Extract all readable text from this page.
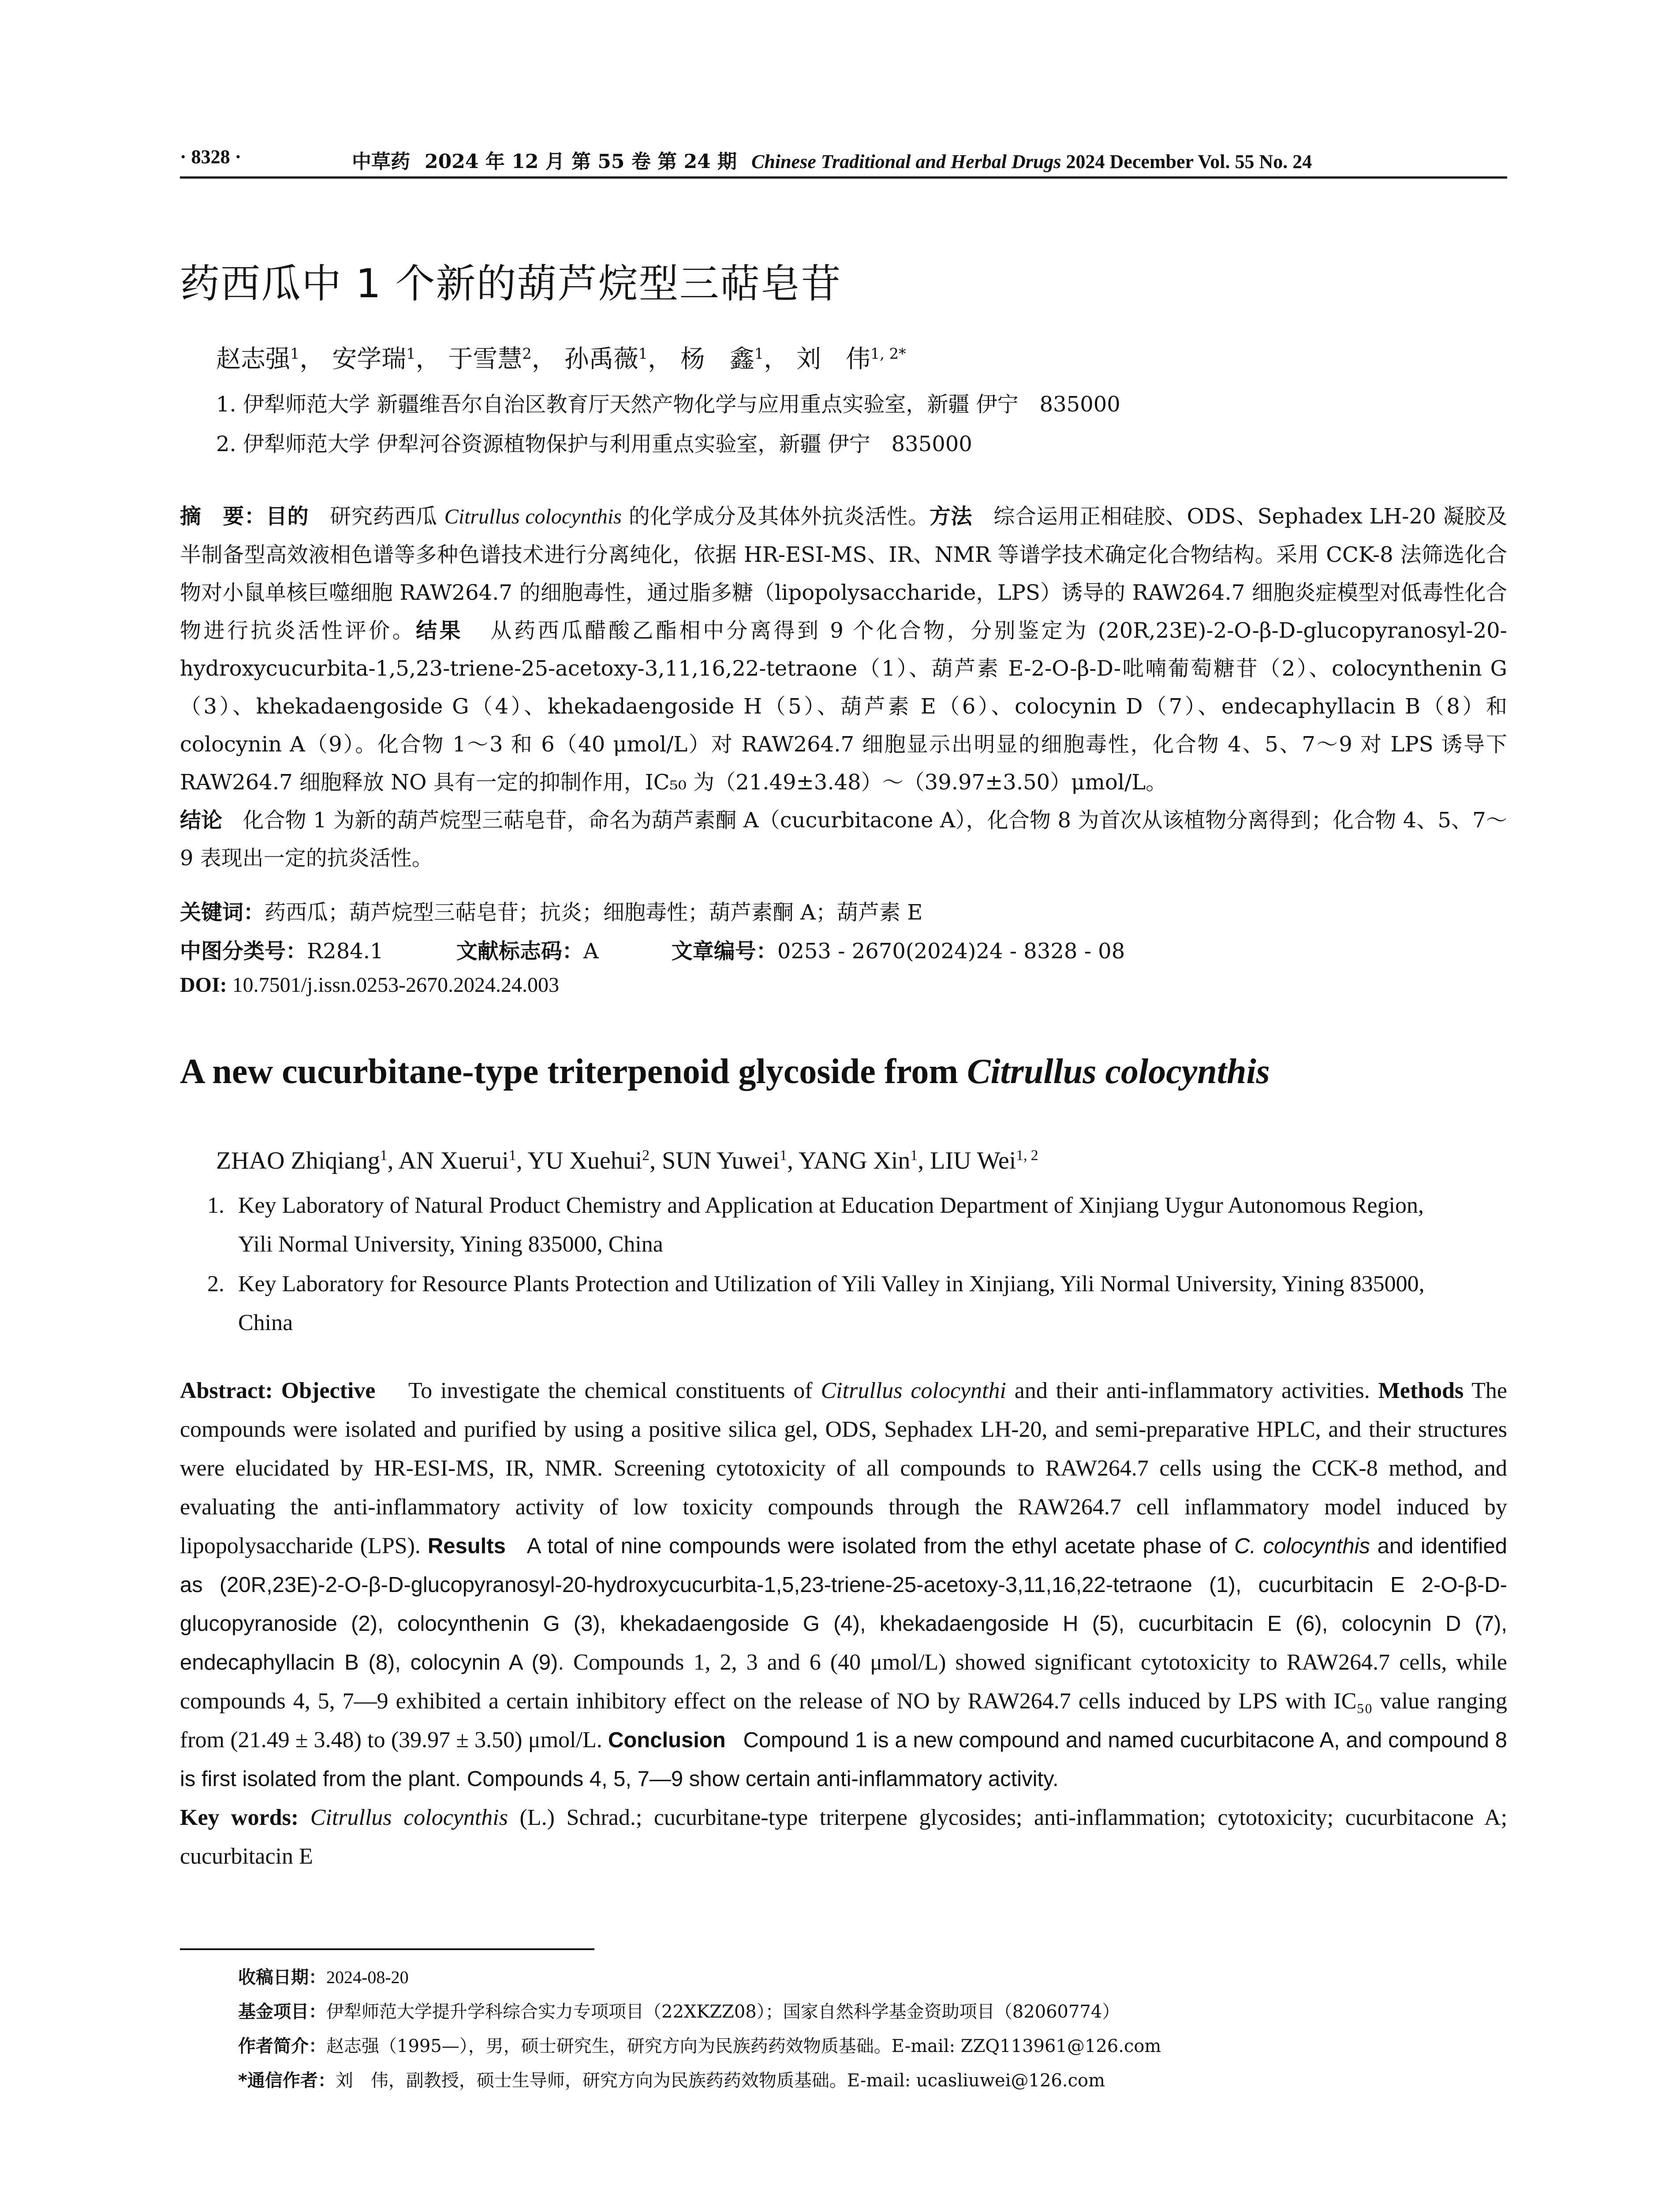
· 8328 ·	中草药 2024 年 12 月 第 55 卷 第 24 期 Chinese Traditional and Herbal Drugs 2024 December Vol. 55 No. 24
药西瓜中 1 个新的葫芦烷型三萜皂苷
赵志强$^1$， 安学瑞$^1$， 于雪慧$^2$， 孙禹薇$^1$， 杨　鑫$^1$， 刘　伟$^{1, 2*}$
1. 伊犁师范大学 新疆维吾尔自治区教育厅天然产物化学与应用重点实验室，新疆 伊宁　835000
2. 伊犁师范大学 伊犁河谷资源植物保护与利用重点实验室，新疆 伊宁　835000
摘　要：目的 研究药西瓜 Citrullus colocynthis 的化学成分及其体外抗炎活性。方法 综合运用正相硅胶、ODS、Sephadex LH-20 凝胶及半制备型高效液相色谱等多种色谱技术进行分离纯化，依据 HR-ESI-MS、IR、NMR 等谱学技术确定化合物结构。采用 CCK-8 法筛选化合物对小鼠单核巨噬细胞 RAW264.7 的细胞毒性，通过脂多糖（lipopolysaccharide，LPS）诱导的 RAW264.7 细胞炎症模型对低毒性化合物进行抗炎活性评价。结果 从药西瓜醋酸乙酯相中分离得到 9 个化合物，分别鉴定为 (20R,23E)-2-O-β-D-glucopyranosyl-20-hydroxycucurbita-1,5,23-triene-25-acetoxy-3,11,16,22-tetraone（1）、葫芦素 E-2-O-β-D-吡喃葡萄糖苷（2）、colocynthenin G（3）、khekadaengoside G（4）、khekadaengoside H（5）、葫芦素 E（6）、colocynin D（7）、endecaphyllacin B（8）和 colocynin A（9）。化合物 1～3 和 6（40 μmol/L）对 RAW264.7 细胞显示出明显的细胞毒性，化合物 4、5、7～9 对 LPS 诱导下 RAW264.7 细胞释放 NO 具有一定的抑制作用，IC₅₀ 为（21.49±3.48）～（39.97±3.50）μmol/L。
结论 化合物 1 为新的葫芦烷型三萜皂苷，命名为葫芦素酮 A（cucurbitacone A），化合物 8 为首次从该植物分离得到；化合物 4、5、7～9 表现出一定的抗炎活性。
关键词：药西瓜；葫芦烷型三萜皂苷；抗炎；细胞毒性；葫芦素酮 A；葫芦素 E
中图分类号：R284.1	文献标志码：A	文章编号：0253 - 2670(2024)24 - 8328 - 08
DOI: 10.7501/j.issn.0253-2670.2024.24.003
A new cucurbitane-type triterpenoid glycoside from Citrullus colocynthis
ZHAO Zhiqiang$^1$, AN Xuerui$^1$, YU Xuehui$^2$, SUN Yuwei$^1$, YANG Xin$^1$, LIU Wei$^{1, 2}$
1. Key Laboratory of Natural Product Chemistry and Application at Education Department of Xinjiang Uygur Autonomous Region,
Yili Normal University, Yining 835000, China
2. Key Laboratory for Resource Plants Protection and Utilization of Yili Valley in Xinjiang, Yili Normal University, Yining 835000,
China
Abstract: Objective To investigate the chemical constituents of Citrullus colocynthi and their anti-inflammatory activities. Methods The compounds were isolated and purified by using a positive silica gel, ODS, Sephadex LH-20, and semi-preparative HPLC, and their structures were elucidated by HR-ESI-MS, IR, NMR. Screening cytotoxicity of all compounds to RAW264.7 cells using the CCK-8 method, and evaluating the anti-inflammatory activity of low toxicity compounds through the RAW264.7 cell inflammatory model induced by lipopolysaccharide (LPS). Results A total of nine compounds were isolated from the ethyl acetate phase of C. colocynthis and identified as (20R,23E)-2-O-β-D-glucopyranosyl-20-hydroxycucurbita-1,5,23-triene-25-acetoxy-3,11,16,22-tetraone (1), cucurbitacin E 2-O-β-D-glucopyranoside (2), colocynthenin G (3), khekadaengoside G (4), khekadaengoside H (5), cucurbitacin E (6), colocynin D (7), endecaphyllacin B (8), colocynin A (9). Compounds 1, 2, 3 and 6 (40 μmol/L) showed significant cytotoxicity to RAW264.7 cells, while compounds 4, 5, 7—9 exhibited a certain inhibitory effect on the release of NO by RAW264.7 cells induced by LPS with IC₅₀ value ranging from (21.49 ± 3.48) to (39.97 ± 3.50) μmol/L. Conclusion Compound 1 is a new compound and named cucurbitacone A, and compound 8 is first isolated from the plant. Compounds 4, 5, 7—9 show certain anti-inflammatory activity.
Key words: Citrullus colocynthis (L.) Schrad.; cucurbitane-type triterpene glycosides; anti-inflammation; cytotoxicity; cucurbitacone A; cucurbitacin E
收稿日期：2024-08-20
基金项目：伊犁师范大学提升学科综合实力专项项目（22XKZZ08）；国家自然科学基金资助项目（82060774）
作者简介：赵志强（1995—），男，硕士研究生，研究方向为民族药药效物质基础。E-mail: ZZQ113961@126.com
*通信作者：刘　伟，副教授，硕士生导师，研究方向为民族药药效物质基础。E-mail: ucasliuwei@126.com
